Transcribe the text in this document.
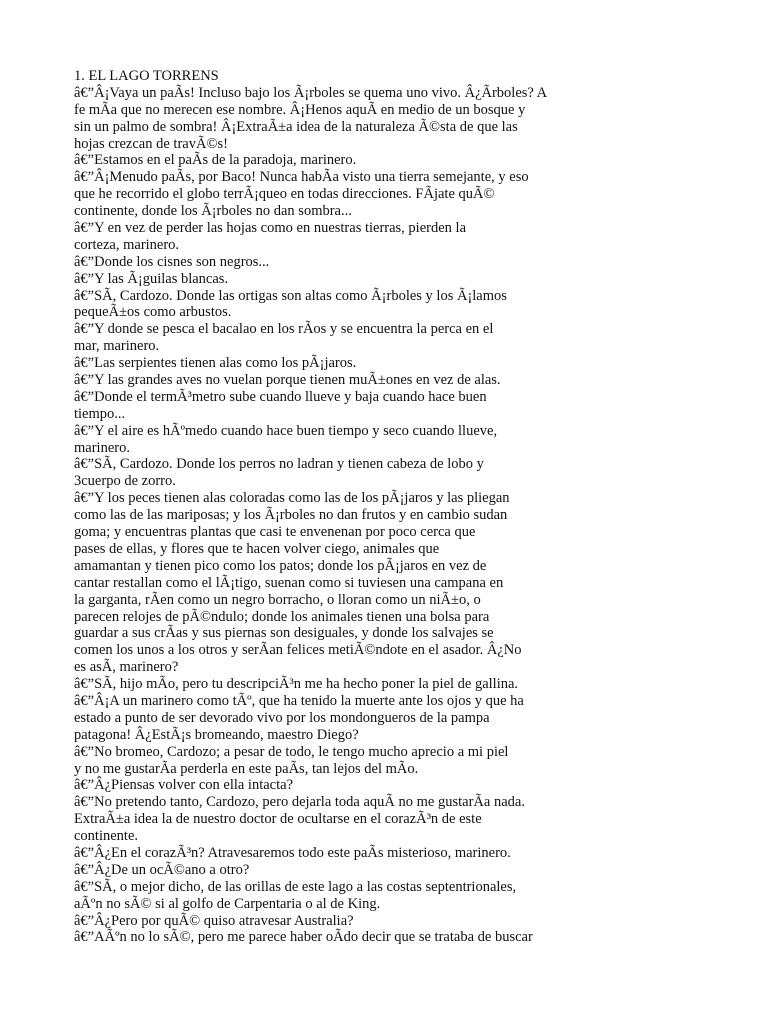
1. EL LAGO TORRENS
â€”Â¡Vaya un paÃs! Incluso bajo los Ã¡rboles se quema uno vivo. Â¿Ãrboles? A
fe mÃa que no merecen ese nombre. Â¡Henos aquÃ en medio de un bosque y
sin un palmo de sombra! Â¡ExtraÃ±a idea de la naturaleza Ã©sta de que las
hojas crezcan de travÃ©s!
â€”Estamos en el paÃs de la paradoja, marinero.
â€”Â¡Menudo paÃs, por Baco! Nunca habÃa visto una tierra semejante, y eso
que he recorrido el globo terrÃ¡queo en todas direcciones. FÃjate quÃ©
continente, donde los Ã¡rboles no dan sombra...
â€”Y en vez de perder las hojas como en nuestras tierras, pierden la
corteza, marinero.
â€”Donde los cisnes son negros...
â€”Y las Ã¡guilas blancas.
â€”SÃ, Cardozo. Donde las ortigas son altas como Ã¡rboles y los Ã¡lamos
pequeÃ±os como arbustos.
â€”Y donde se pesca el bacalao en los rÃos y se encuentra la perca en el
mar, marinero.
â€”Las serpientes tienen alas como los pÃ¡jaros.
â€”Y las grandes aves no vuelan porque tienen muÃ±ones en vez de alas.
â€”Donde el termÃ³metro sube cuando llueve y baja cuando hace buen
tiempo...
â€”Y el aire es hÃºmedo cuando hace buen tiempo y seco cuando llueve,
marinero.
â€”SÃ, Cardozo. Donde los perros no ladran y tienen cabeza de lobo y
3cuerpo de zorro.
â€”Y los peces tienen alas coloradas como las de los pÃ¡jaros y las pliegan
como las de las mariposas; y los Ã¡rboles no dan frutos y en cambio sudan
goma; y encuentras plantas que casi te envenenan por poco cerca que
pases de ellas, y flores que te hacen volver ciego, animales que
amamantan y tienen pico como los patos; donde los pÃ¡jaros en vez de
cantar restallan como el lÃ¡tigo, suenan como si tuviesen una campana en
la garganta, rÃen como un negro borracho, o lloran como un niÃ±o, o
parecen relojes de pÃ©ndulo; donde los animales tienen una bolsa para
guardar a sus crÃas y sus piernas son desiguales, y donde los salvajes se
comen los unos a los otros y serÃan felices metiÃ©ndote en el asador. Â¿No
es asÃ, marinero?
â€”SÃ, hijo mÃo, pero tu descripciÃ³n me ha hecho poner la piel de gallina.
â€”Â¡A un marinero como tÃº, que ha tenido la muerte ante los ojos y que ha
estado a punto de ser devorado vivo por los mondongueros de la pampa
patagona! Â¿EstÃ¡s bromeando, maestro Diego?
â€”No bromeo, Cardozo; a pesar de todo, le tengo mucho aprecio a mi piel
y no me gustarÃa perderla en este paÃs, tan lejos del mÃo.
â€”Â¿Piensas volver con ella intacta?
â€”No pretendo tanto, Cardozo, pero dejarla toda aquÃ no me gustarÃa nada.
ExtraÃ±a idea la de nuestro doctor de ocultarse en el corazÃ³n de este
continente.
â€”Â¿En el corazÃ³n? Atravesaremos todo este paÃs misterioso, marinero.
â€”Â¿De un ocÃ©ano a otro?
â€”SÃ, o mejor dicho, de las orillas de este lago a las costas septentrionales,
aÃºn no sÃ© si al golfo de Carpentaria o al de King.
â€”Â¿Pero por quÃ© quiso atravesar Australia?
â€”AÃºn no lo sÃ©, pero me parece haber oÃdo decir que se trataba de buscar
